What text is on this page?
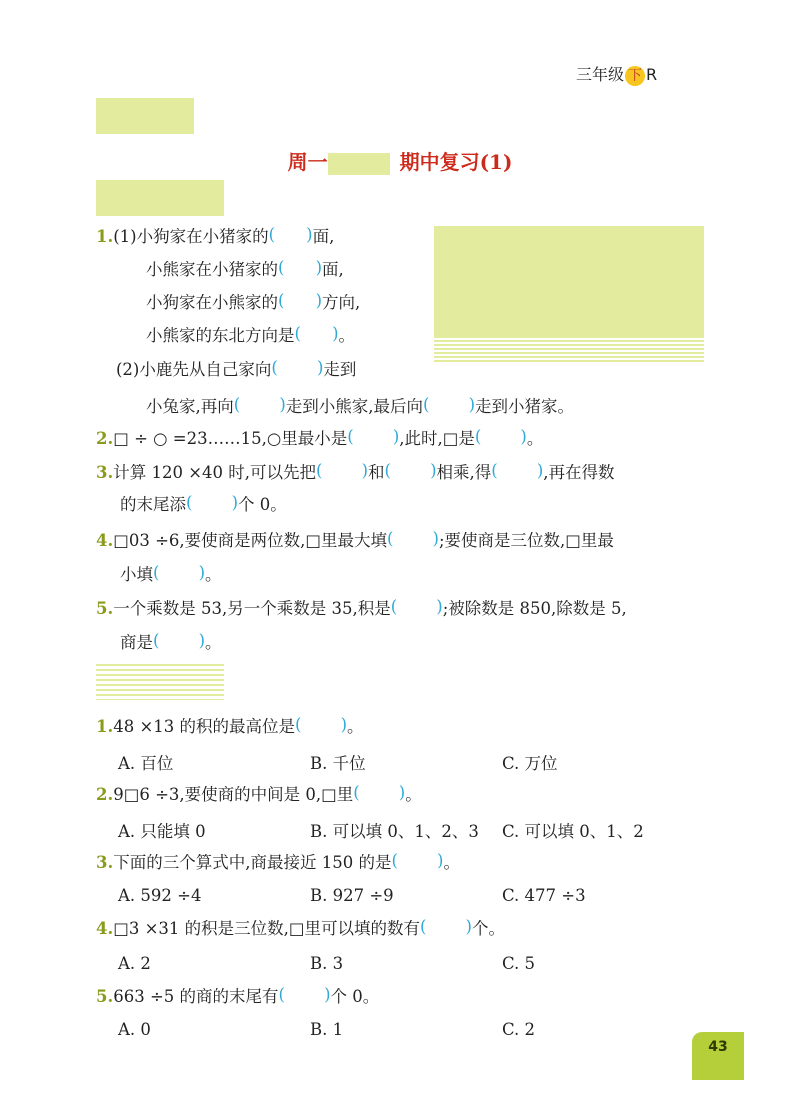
三年级 下 R
周一	期中复习(1)
1.(1)小狗家在小猪家的 ( )	面,
小熊家在小猪家的 ( )	面,
小狗家在小熊家的 ( )	方向,
小熊家的东北方向是 ( )	。
(2)小鹿先从自己家向 ( )	走到
小兔家,再向 ( )	走到小熊家,最后向 ( )	走到小猪家。
2.□ ÷ ○ =23……15,○里最小是 ( )	,此时,□是 ( )	。
3.计算 120 ×40 时,可以先把 ( )	和 ( )	相乘,得 ( )	,再在得数
的末尾添 ( )	个 0。
4.□03 ÷6,要使商是两位数,□里最大填 ( )	;要使商是三位数,□里最
小填 ( )	。
5.一个乘数是 53,另一个乘数是 35,积是 ( )	;被除数是 850,除数是 5,
商是 ( )	。
1.48 ×13 的积的最高位是 ( )	。
A. 百位	B. 千位	C. 万位
2.9□6 ÷3,要使商的中间是 0,□里 ( )	。
A. 只能填 0	B. 可以填 0、1、2、3 C. 可以填 0、1、2
3.下面的三个算式中,商最接近 150 的是 ( )	。
A. 592 ÷4	B. 927 ÷9	C. 477 ÷3
4.□3 ×31 的积是三位数,□里可以填的数有 ( )	个。
A. 2	B. 3	C. 5
5.663 ÷5 的商的末尾有 ( )	个 0。
A. 0	B. 1	C. 2
43
